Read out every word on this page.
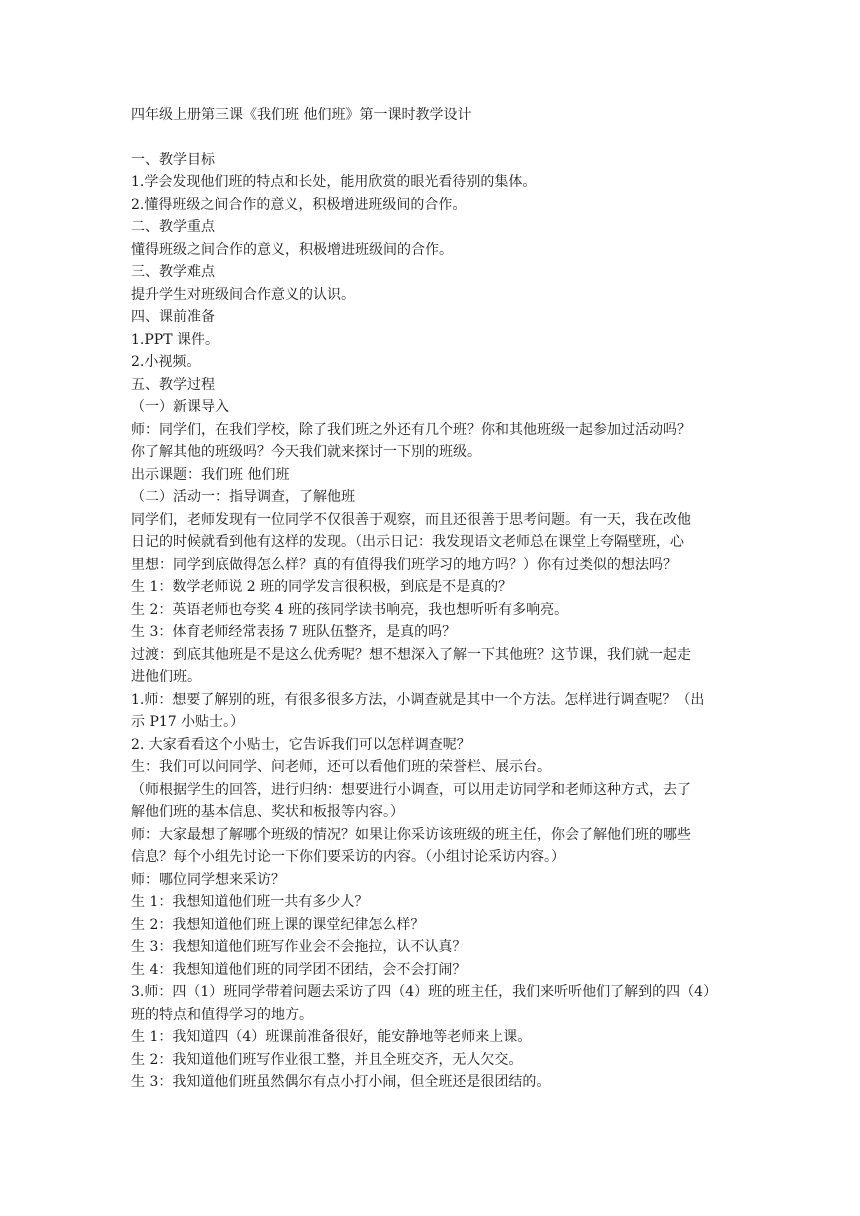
四年级上册第三课《我们班 他们班》第一课时教学设计
一、教学目标
1.学会发现他们班的特点和长处，能用欣赏的眼光看待别的集体。
2.懂得班级之间合作的意义，积极增进班级间的合作。
二、教学重点
懂得班级之间合作的意义，积极增进班级间的合作。
三、教学难点
提升学生对班级间合作意义的认识。
四、课前准备
1.PPT 课件。
2.小视频。
五、教学过程
（一）新课导入
师：同学们，在我们学校，除了我们班之外还有几个班？你和其他班级一起参加过活动吗？
你了解其他的班级吗？今天我们就来探讨一下別的班级。
出示课题：我们班 他们班
（二）活动一：指导调查，了解他班
同学们，老师发现有一位同学不仅很善于观察，而且还很善于思考问题。有一天，我在改他
日记的时候就看到他有这样的发现。（出示日记：我发现语文老师总在课堂上夸隔壁班，心
里想：同学到底做得怎么样？真的有值得我们班学习的地方吗？）你有过类似的想法吗？
生 1：数学老师说 2 班的同学发言很积极，到底是不是真的？
生 2：英语老师也夸奖 4 班的孩同学读书响亮，我也想听听有多响亮。
生 3：体育老师经常表扬 7 班队伍整齐，是真的吗？
过渡：到底其他班是不是这么优秀呢？想不想深入了解一下其他班？这节课，我们就一起走
进他们班。
1.师：想要了解别的班，有很多很多方法，小调查就是其中一个方法。怎样进行调查呢？（出
示 P17 小贴士。）
2. 大家看看这个小贴士，它告诉我们可以怎样调查呢？
生：我们可以问同学、问老师，还可以看他们班的荣誉栏、展示台。
（师根据学生的回答，进行归纳：想要进行小调查，可以用走访同学和老师这种方式，去了
解他们班的基本信息、奖状和板报等内容。）
师：大家最想了解哪个班级的情况？如果让你采访该班级的班主任，你会了解他们班的哪些
信息？每个小组先讨论一下你们要采访的内容。（小组讨论采访内容。）
师：哪位同学想来采访？
生 1：我想知道他们班一共有多少人？
生 2：我想知道他们班上课的课堂纪律怎么样？
生 3：我想知道他们班写作业会不会拖拉，认不认真？
生 4：我想知道他们班的同学团不团结，会不会打闹？
3.师：四（1）班同学带着问题去采访了四（4）班的班主任，我们来听听他们了解到的四（4）
班的特点和值得学习的地方。
生 1：我知道四（4）班课前准备很好，能安静地等老师来上课。
生 2：我知道他们班写作业很工整，并且全班交齐，无人欠交。
生 3：我知道他们班虽然偶尔有点小打小闹，但全班还是很团结的。
